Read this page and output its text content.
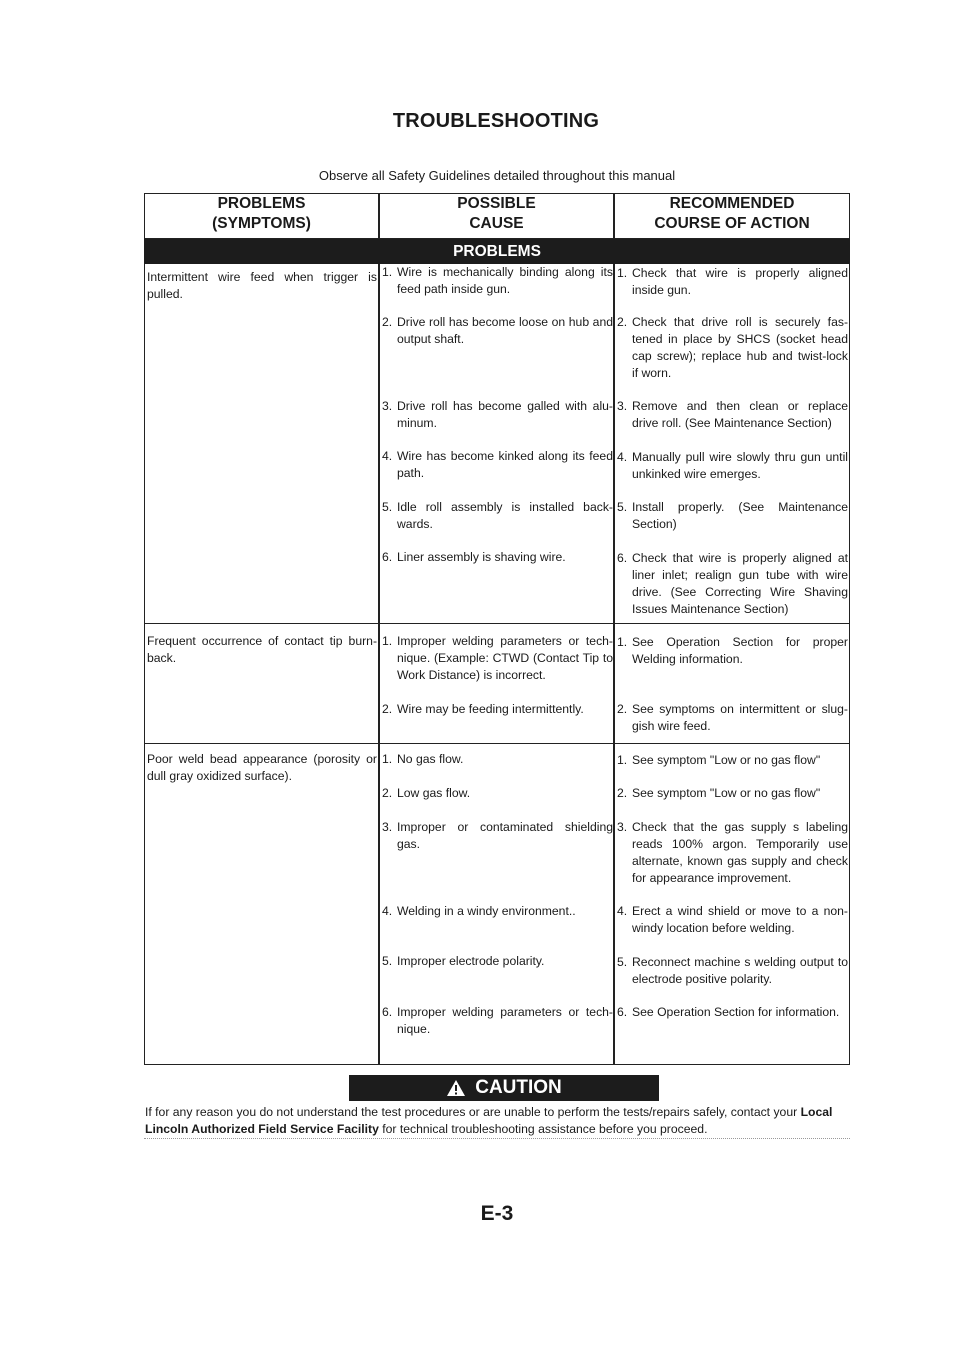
TROUBLESHOOTING
Observe all Safety Guidelines detailed throughout this manual
PROBLEMS
(SYMPTOMS)
POSSIBLE
CAUSE
RECOMMENDED
COURSE OF ACTION
PROBLEMS
Intermittent wire feed when trigger is pulled.
1. Wire is mechanically binding along its feed path inside gun.
2. Drive roll has become loose on hub and output shaft.
3. Drive roll has become galled with alu-minum.
4. Wire has become kinked along its feed path.
5. Idle roll assembly is installed back-wards.
6. Liner assembly is shaving wire.
1. Check that wire is properly aligned inside gun.
2. Check that drive roll is securely fas-tened in place by SHCS (socket head cap screw); replace hub and twist-lock if worn.
3. Remove and then clean or replace drive roll. (See Maintenance Section)
4. Manually pull wire slowly thru gun until unkinked wire emerges.
5. Install properly. (See Maintenance Section)
6. Check that wire is properly aligned at liner inlet; realign gun tube with wire drive. (See Correcting Wire Shaving Issues Maintenance Section)
Frequent occurrence of contact tip burn-back.
1. Improper welding parameters or tech-nique. (Example: CTWD (Contact Tip to Work Distance) is incorrect.
2. Wire may be feeding intermittently.
1. See Operation Section for proper Welding information.
2. See symptoms on intermittent or slug-gish wire feed.
Poor weld bead appearance (porosity or dull gray oxidized surface).
1. No gas flow.
2. Low gas flow.
3. Improper or contaminated shielding gas.
4. Welding in a windy environment..
5. Improper electrode polarity.
6. Improper welding parameters or tech-nique.
1. See symptom "Low or no gas flow"
2. See symptom "Low or no gas flow"
3. Check that the gas supply s labeling reads 100% argon. Temporarily use alternate, known gas supply and check for appearance improvement.
4. Erect a wind shield or move to a non-windy location before welding.
5. Reconnect machine s welding output to electrode positive polarity.
6. See Operation Section for information.
CAUTION
If for any reason you do not understand the test procedures or are unable to perform the tests/repairs safely, contact your Local Lincoln Authorized Field Service Facility for technical troubleshooting assistance before you proceed.
E-3
